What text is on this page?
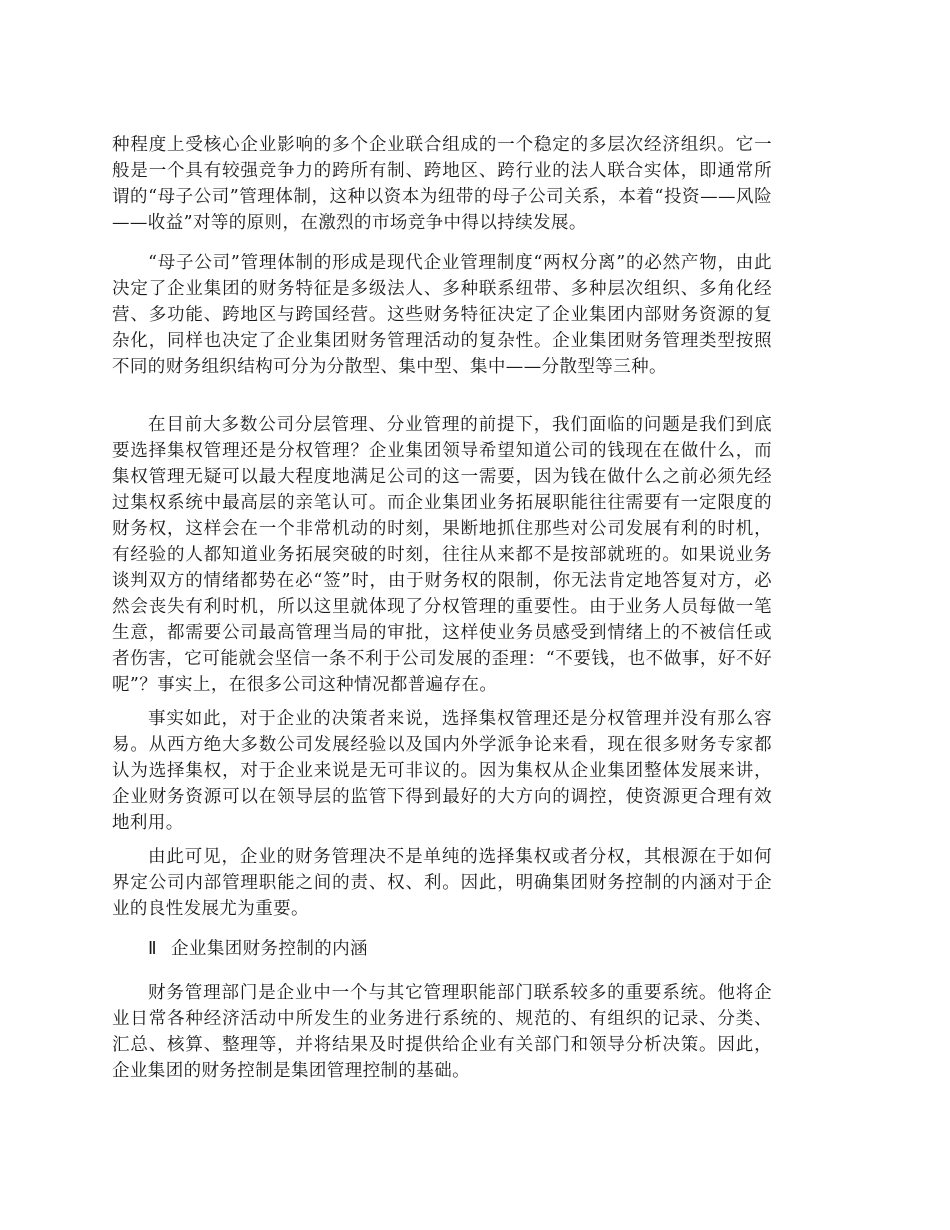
种程度上受核心企业影响的多个企业联合组成的一个稳定的多层次经济组织。它一般是一个具有较强竞争力的跨所有制、跨地区、跨行业的法人联合实体，即通常所谓的“母子公司”管理体制，这种以资本为纽带的母子公司关系，本着“投资——风险——收益”对等的原则，在激烈的市场竞争中得以持续发展。

“母子公司”管理体制的形成是现代企业管理制度“两权分离”的必然产物，由此决定了企业集团的财务特征是多级法人、多种联系纽带、多种层次组织、多角化经营、多功能、跨地区与跨国经营。这些财务特征决定了企业集团内部财务资源的复杂化，同样也决定了企业集团财务管理活动的复杂性。企业集团财务管理类型按照不同的财务组织结构可分为分散型、集中型、集中——分散型等三种。

在目前大多数公司分层管理、分业管理的前提下，我们面临的问题是我们到底要选择集权管理还是分权管理？企业集团领导希望知道公司的钱现在在做什么，而集权管理无疑可以最大程度地满足公司的这一需要，因为钱在做什么之前必须先经过集权系统中最高层的亲笔认可。而企业集团业务拓展职能往往需要有一定限度的财务权，这样会在一个非常机动的时刻，果断地抓住那些对公司发展有利的时机，有经验的人都知道业务拓展突破的时刻，往往从来都不是按部就班的。如果说业务谈判双方的情绪都势在必“签”时，由于财务权的限制，你无法肯定地答复对方，必然会丧失有利时机，所以这里就体现了分权管理的重要性。由于业务人员每做一笔生意，都需要公司最高管理当局的审批，这样使业务员感受到情绪上的不被信任或者伤害，它可能就会坚信一条不利于公司发展的歪理：“不要钱，也不做事，好不好呢”？事实上，在很多公司这种情况都普遍存在。

事实如此，对于企业的决策者来说，选择集权管理还是分权管理并没有那么容易。从西方绝大多数公司发展经验以及国内外学派争论来看，现在很多财务专家都认为选择集权，对于企业来说是无可非议的。因为集权从企业集团整体发展来讲，企业财务资源可以在领导层的监管下得到最好的大方向的调控，使资源更合理有效地利用。

由此可见，企业的财务管理决不是单纯的选择集权或者分权，其根源在于如何界定公司内部管理职能之间的责、权、利。因此，明确集团财务控制的内涵对于企业的良性发展尤为重要。

Ⅱ 企业集团财务控制的内涵

财务管理部门是企业中一个与其它管理职能部门联系较多的重要系统。他将企业日常各种经济活动中所发生的业务进行系统的、规范的、有组织的记录、分类、汇总、核算、整理等，并将结果及时提供给企业有关部门和领导分析决策。因此，企业集团的财务控制是集团管理控制的基础。
